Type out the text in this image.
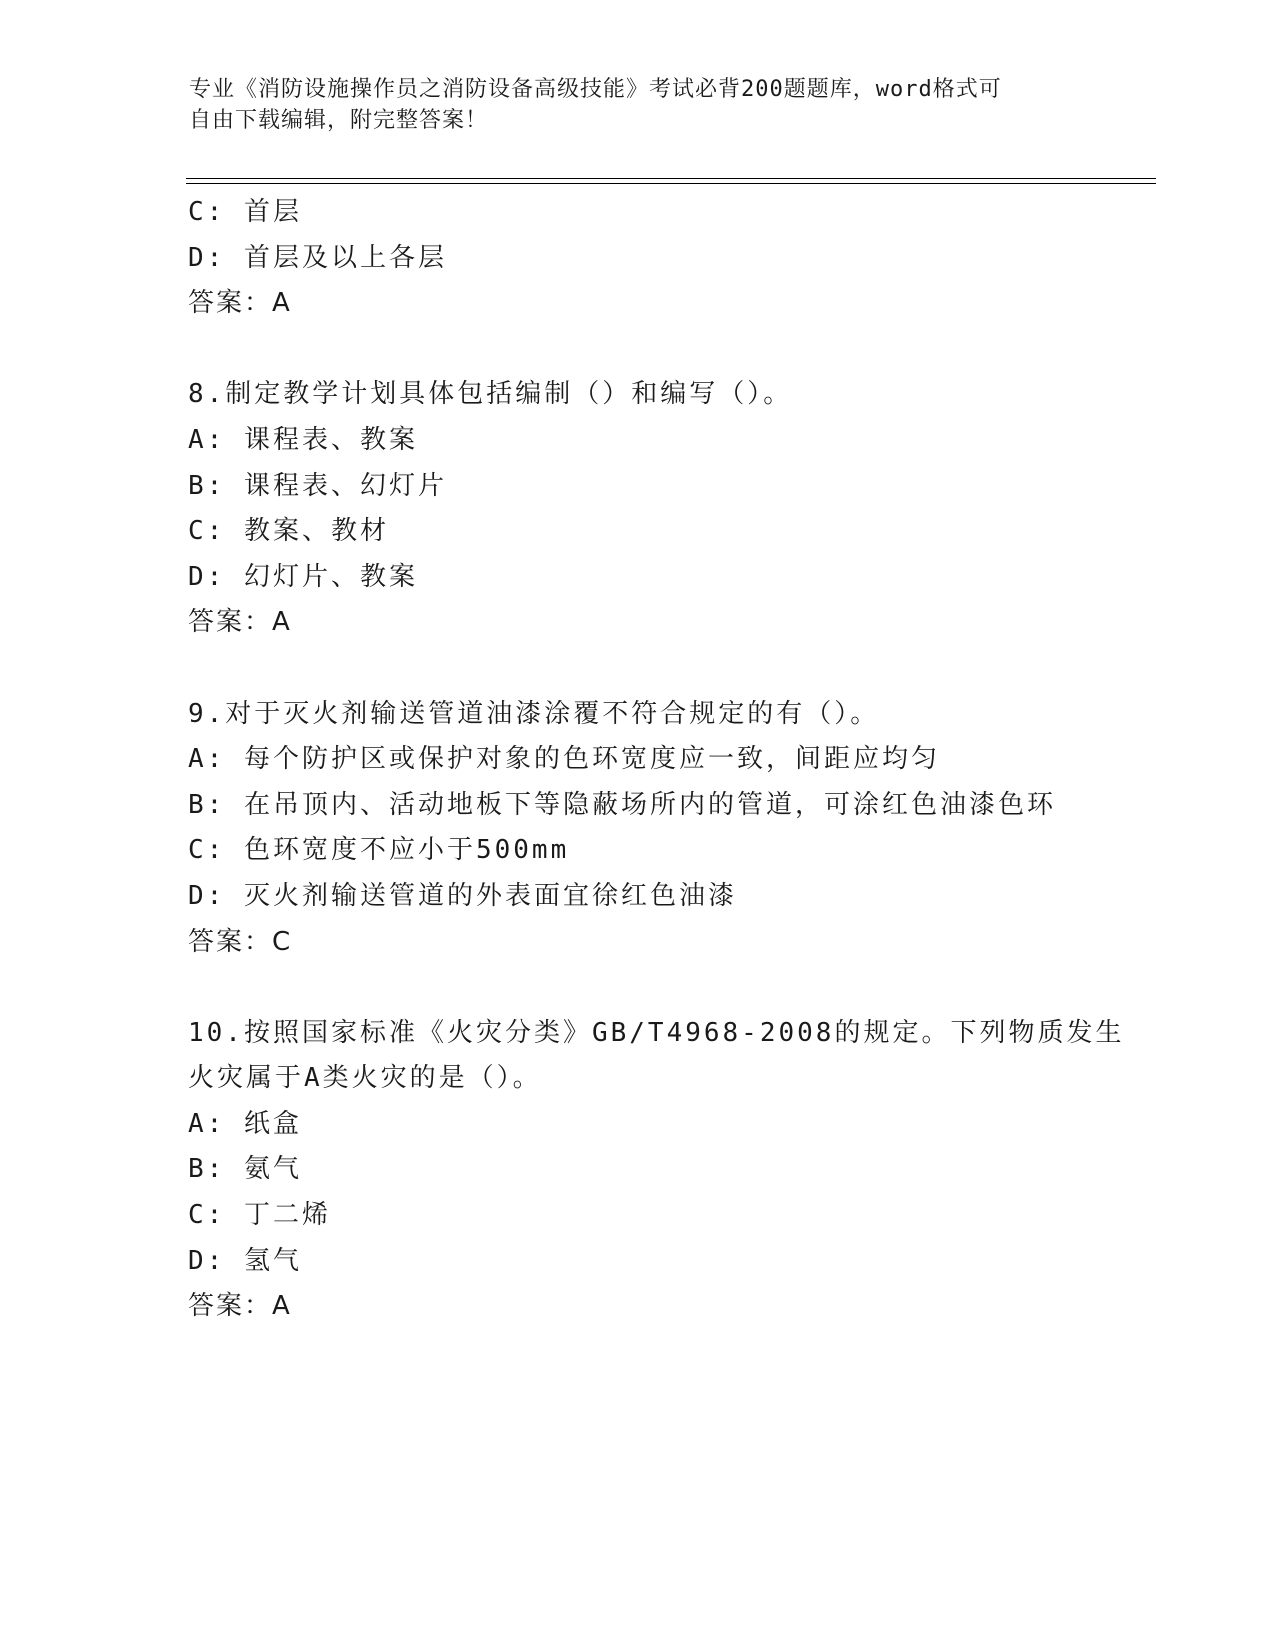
专业《消防设施操作员之消防设备高级技能》考试必背200题题库，word格式可
自由下载编辑，附完整答案！
C: 首层
D: 首层及以上各层
答案：A
8.制定教学计划具体包括编制（）和编写（）。
A: 课程表、教案
B: 课程表、幻灯片
C: 教案、教材
D: 幻灯片、教案
答案：A
9.对于灭火剂输送管道油漆涂覆不符合规定的有（）。
A: 每个防护区或保护对象的色环宽度应一致，间距应均匀
B: 在吊顶内、活动地板下等隐蔽场所内的管道，可涂红色油漆色环
C: 色环宽度不应小于500mm
D: 灭火剂输送管道的外表面宜徐红色油漆
答案：C
10.按照国家标准《火灾分类》GB/T4968-2008的规定。下列物质发生
火灾属于A类火灾的是（）。
A: 纸盒
B: 氨气
C: 丁二烯
D: 氢气
答案：A
